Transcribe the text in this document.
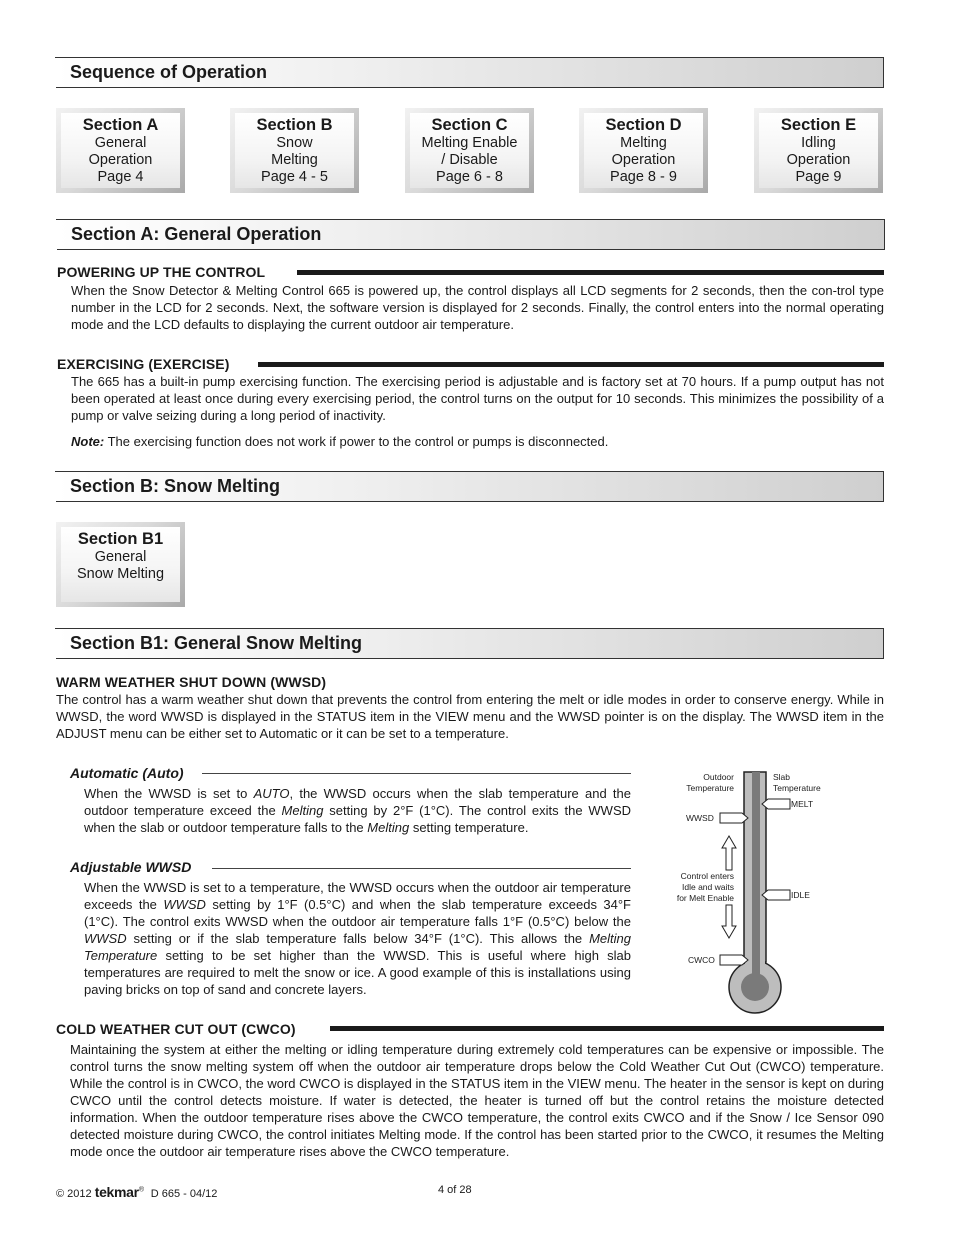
Sequence of Operation
Section A
General
Operation
Page 4
Section B
Snow
Melting
Page 4 - 5
Section C
Melting Enable
/ Disable
Page 6 - 8
Section D
Melting
Operation
Page 8 - 9
Section E
Idling
Operation
Page 9
Section A: General Operation
POWERING UP THE CONTROL
When the Snow Detector & Melting Control 665 is powered up, the control displays all LCD segments for 2 seconds, then the con-trol type number in the LCD for 2 seconds. Next, the software version is displayed for 2 seconds. Finally, the control enters into the normal operating mode and the LCD defaults to displaying the current outdoor air temperature.
EXERCISING (EXERCISE)
The 665 has a built-in pump exercising function. The exercising period is adjustable and is factory set at 70 hours. If a pump output has not been operated at least once during every exercising period, the control turns on the output for 10 seconds. This minimizes the possibility of a pump or valve seizing during a long period of inactivity.
Note: The exercising function does not work if power to the control or pumps is disconnected.
Section B: Snow Melting
Section B1
General
Snow Melting
Section B1: General Snow Melting
WARM WEATHER SHUT DOWN (WWSD)
The control has a warm weather shut down that prevents the control from entering the melt or idle modes in order to conserve energy. While in WWSD, the word WWSD is displayed in the STATUS item in the VIEW menu and the WWSD pointer is on the display. The WWSD item in the ADJUST menu can be either set to Automatic or it can be set to a temperature.
Automatic (Auto)
When the WWSD is set to AUTO, the WWSD occurs when the slab temperature and the outdoor temperature exceed the Melting setting by 2°F (1°C). The control exits the WWSD when the slab or outdoor temperature falls to the Melting setting temperature.
Adjustable WWSD
When the WWSD is set to a temperature, the WWSD occurs when the outdoor air temperature exceeds the WWSD setting by 1°F (0.5°C) and when the slab temperature exceeds 34°F (1°C). The control exits WWSD when the outdoor air temperature falls 1°F (0.5°C) below the WWSD setting or if the slab temperature falls below 34°F (1°C). This allows the Melting Temperature setting to be set higher than the WWSD. This is useful where high slab temperatures are required to melt the snow or ice. A good example of this is installations using paving bricks on top of sand and concrete layers.
Outdoor
Temperature
Slab
Temperature
MELT
WWSD
Control enters
Idle and waits
for Melt Enable	IDLE
CWCO
COLD WEATHER CUT OUT (CWCO)
Maintaining the system at either the melting or idling temperature during extremely cold temperatures can be expensive or impossible. The control turns the snow melting system off when the outdoor air temperature drops below the Cold Weather Cut Out (CWCO) temperature. While the control is in CWCO, the word CWCO is displayed in the STATUS item in the VIEW menu. The heater in the sensor is kept on during CWCO until the control detects moisture. If water is detected, the heater is turned off but the control retains the moisture detected information. When the outdoor temperature rises above the CWCO temperature, the control exits CWCO and if the Snow / Ice Sensor 090 detected moisture during CWCO, the control initiates Melting mode. If the control has been started prior to the CWCO, it resumes the Melting mode once the outdoor air temperature rises above the CWCO temperature.
© 2012 tekmar® D 665 - 04/12	4 of 28
